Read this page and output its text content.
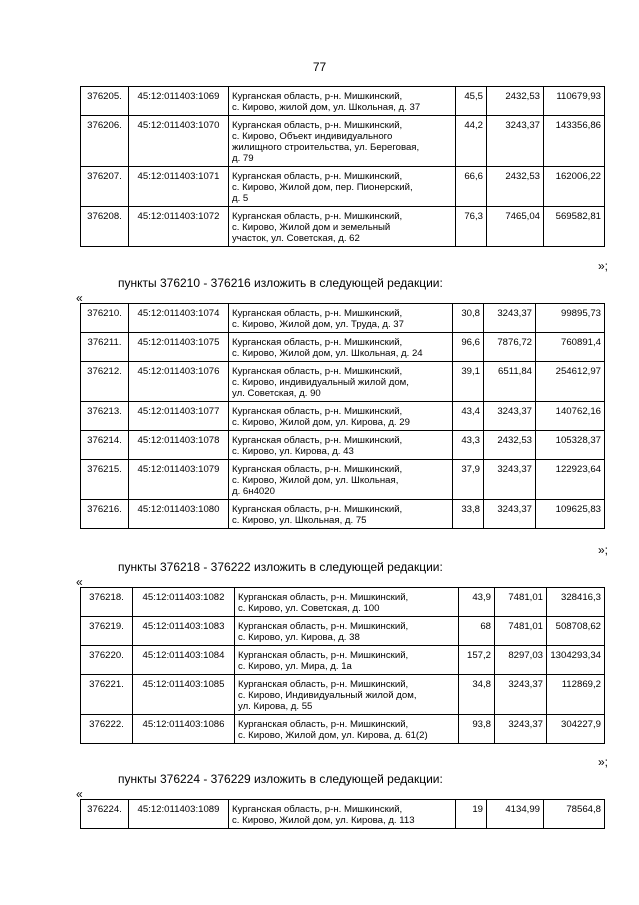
77
376205.	45:12:011403:1069	Курганская область, р-н. Мишкинский,
с. Кирово, жилой дом, ул. Школьная, д. 37	45,5	2432,53	110679,93
376206.	45:12:011403:1070	Курганская область, р-н. Мишкинский,
с. Кирово, Объект индивидуального
жилищного строительства, ул. Береговая,
д. 79	44,2	3243,37	143356,86
376207.	45:12:011403:1071	Курганская область, р-н. Мишкинский,
с. Кирово, Жилой дом, пер. Пионерский,
д. 5	66,6	2432,53	162006,22
376208.	45:12:011403:1072	Курганская область, р-н. Мишкинский,
с. Кирово, Жилой дом и земельный
участок, ул. Советская, д. 62	76,3	7465,04	569582,81
»;
пункты 376210 - 376216 изложить в следующей редакции:
«
376210.	45:12:011403:1074	Курганская область, р-н. Мишкинский,
с. Кирово, Жилой дом, ул. Труда, д. 37	30,8	3243,37	99895,73
376211.	45:12:011403:1075	Курганская область, р-н. Мишкинский,
с. Кирово, Жилой дом, ул. Школьная, д. 24	96,6	7876,72	760891,4
376212.	45:12:011403:1076	Курганская область, р-н. Мишкинский,
с. Кирово, индивидуальный жилой дом,
ул. Советская, д. 90	39,1	6511,84	254612,97
376213.	45:12:011403:1077	Курганская область, р-н. Мишкинский,
с. Кирово, Жилой дом, ул. Кирова, д. 29	43,4	3243,37	140762,16
376214.	45:12:011403:1078	Курганская область, р-н. Мишкинский,
с. Кирово, ул. Кирова, д. 43	43,3	2432,53	105328,37
376215.	45:12:011403:1079	Курганская область, р-н. Мишкинский,
с. Кирово, Жилой дом, ул. Школьная,
д. 6н4020	37,9	3243,37	122923,64
376216.	45:12:011403:1080	Курганская область, р-н. Мишкинский,
с. Кирово, ул. Школьная, д. 75	33,8	3243,37	109625,83
»;
пункты 376218 - 376222 изложить в следующей редакции:
«
376218.	45:12:011403:1082	Курганская область, р-н. Мишкинский,
с. Кирово, ул. Советская, д. 100	43,9	7481,01	328416,3
376219.	45:12:011403:1083	Курганская область, р-н. Мишкинский,
с. Кирово, ул. Кирова, д. 38	68	7481,01	508708,62
376220.	45:12:011403:1084	Курганская область, р-н. Мишкинский,
с. Кирово, ул. Мира, д. 1а	157,2	8297,03	1304293,34
376221.	45:12:011403:1085	Курганская область, р-н. Мишкинский,
с. Кирово, Индивидуальный жилой дом,
ул. Кирова, д. 55	34,8	3243,37	112869,2
376222.	45:12:011403:1086	Курганская область, р-н. Мишкинский,
с. Кирово, Жилой дом, ул. Кирова, д. 61(2)	93,8	3243,37	304227,9
»;
пункты 376224 - 376229 изложить в следующей редакции:
«
376224.	45:12:011403:1089	Курганская область, р-н. Мишкинский,
с. Кирово, Жилой дом, ул. Кирова, д. 113
	19	4134,99	78564,8
